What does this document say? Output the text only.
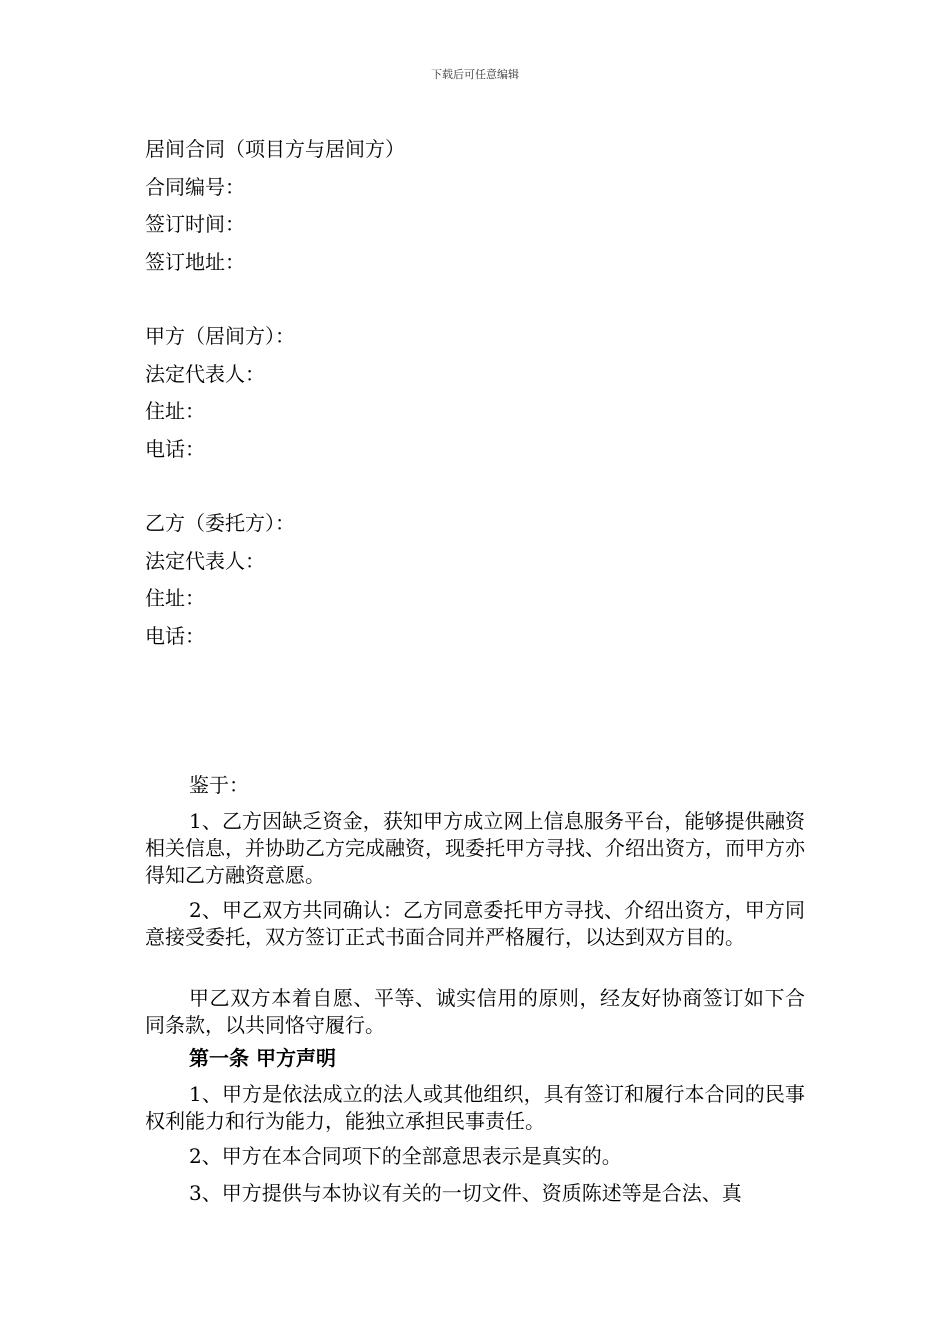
下载后可任意编辑
居间合同（项目方与居间方）
合同编号：
签订时间：
签订地址：
甲方（居间方）：
法定代表人：
住址：
电话：
乙方（委托方）：
法定代表人：
住址：
电话：
鉴于：
1、乙方因缺乏资金，获知甲方成立网上信息服务平台，能够提供融资相关信息，并协助乙方完成融资，现委托甲方寻找、介绍出资方，而甲方亦得知乙方融资意愿。
2、甲乙双方共同确认：乙方同意委托甲方寻找、介绍出资方，甲方同意接受委托，双方签订正式书面合同并严格履行，以达到双方目的。
甲乙双方本着自愿、平等、诚实信用的原则，经友好协商签订如下合同条款，以共同恪守履行。
第一条 甲方声明
1、甲方是依法成立的法人或其他组织，具有签订和履行本合同的民事权利能力和行为能力，能独立承担民事责任。
2、甲方在本合同项下的全部意思表示是真实的。
3、甲方提供与本协议有关的一切文件、资质陈述等是合法、真
